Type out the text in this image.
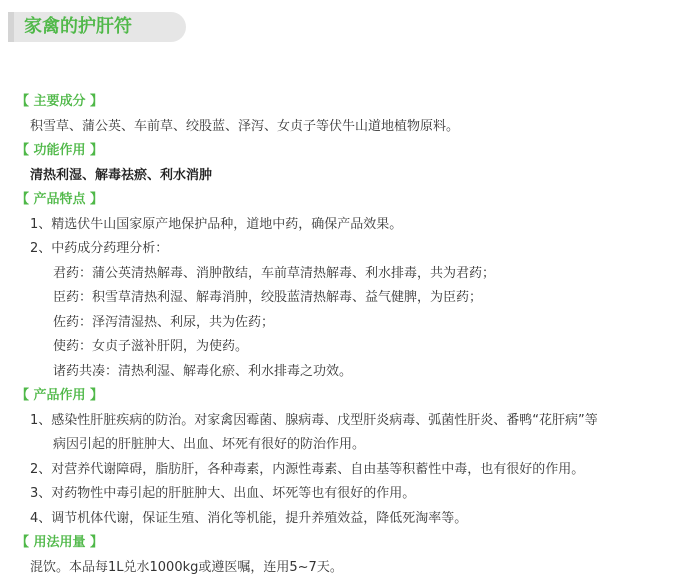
家禽的护肝符
【 主要成分 】
积雪草、蒲公英、车前草、绞股蓝、泽泻、女贞子等伏牛山道地植物原料。
【 功能作用 】
清热利湿、解毒祛瘀、利水消肿
【 产品特点 】
1、精选伏牛山国家原产地保护品种，道地中药，确保产品效果。
2、中药成分药理分析：
君药：蒲公英清热解毒、消肿散结，车前草清热解毒、利水排毒，共为君药；
臣药：积雪草清热利湿、解毒消肿，绞股蓝清热解毒、益气健脾，为臣药；
佐药：泽泻清湿热、利尿，共为佐药；
使药：女贞子滋补肝阴，为使药。
诸药共凑：清热利湿、解毒化瘀、利水排毒之功效。
【 产品作用 】
1、感染性肝脏疾病的防治。对家禽因霉菌、腺病毒、戊型肝炎病毒、弧菌性肝炎、番鸭“花肝病”等
病因引起的肝脏肿大、出血、坏死有很好的防治作用。
2、对营养代谢障碍，脂肪肝，各种毒素，内源性毒素、自由基等积蓄性中毒，也有很好的作用。
3、对药物性中毒引起的肝脏肿大、出血、坏死等也有很好的作用。
4、调节机体代谢，保证生殖、消化等机能，提升养殖效益，降低死淘率等。
【 用法用量 】
混饮。本品每1L兑水1000kg或遵医嘱，连用5~7天。
